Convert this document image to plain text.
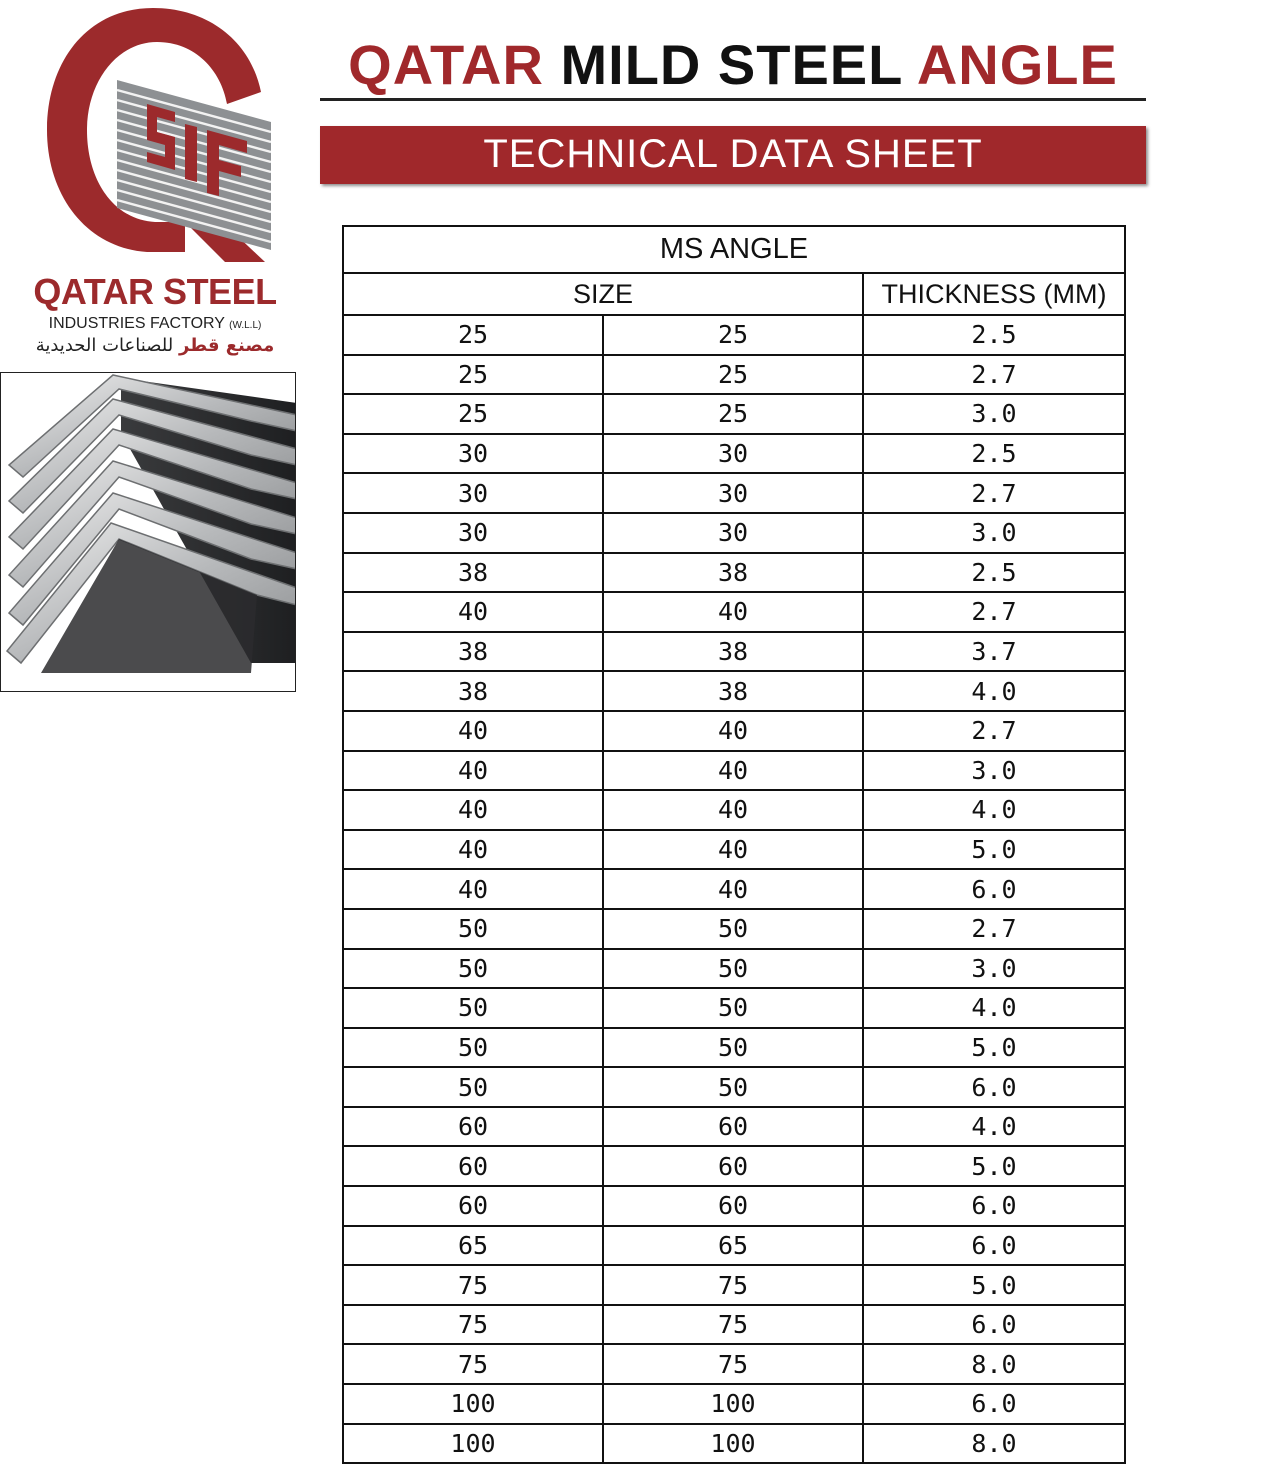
QATAR STEEL
INDUSTRIES FACTORY (W.L.L)
مصنع قطر للصناعات الحديدية
QATAR MILD STEEL ANGLE
TECHNICAL DATA SHEET
MS ANGLE		
SIZE		THICKNESS (MM)
25	25	2.5
25	25	2.7
25	25	3.0
30	30	2.5
30	30	2.7
30	30	3.0
38	38	2.5
40	40	2.7
38	38	3.7
38	38	4.0
40	40	2.7
40	40	3.0
40	40	4.0
40	40	5.0
40	40	6.0
50	50	2.7
50	50	3.0
50	50	4.0
50	50	5.0
50	50	6.0
60	60	4.0
60	60	5.0
60	60	6.0
65	65	6.0
75	75	5.0
75	75	6.0
75	75	8.0
100	100	6.0
100	100	8.0
